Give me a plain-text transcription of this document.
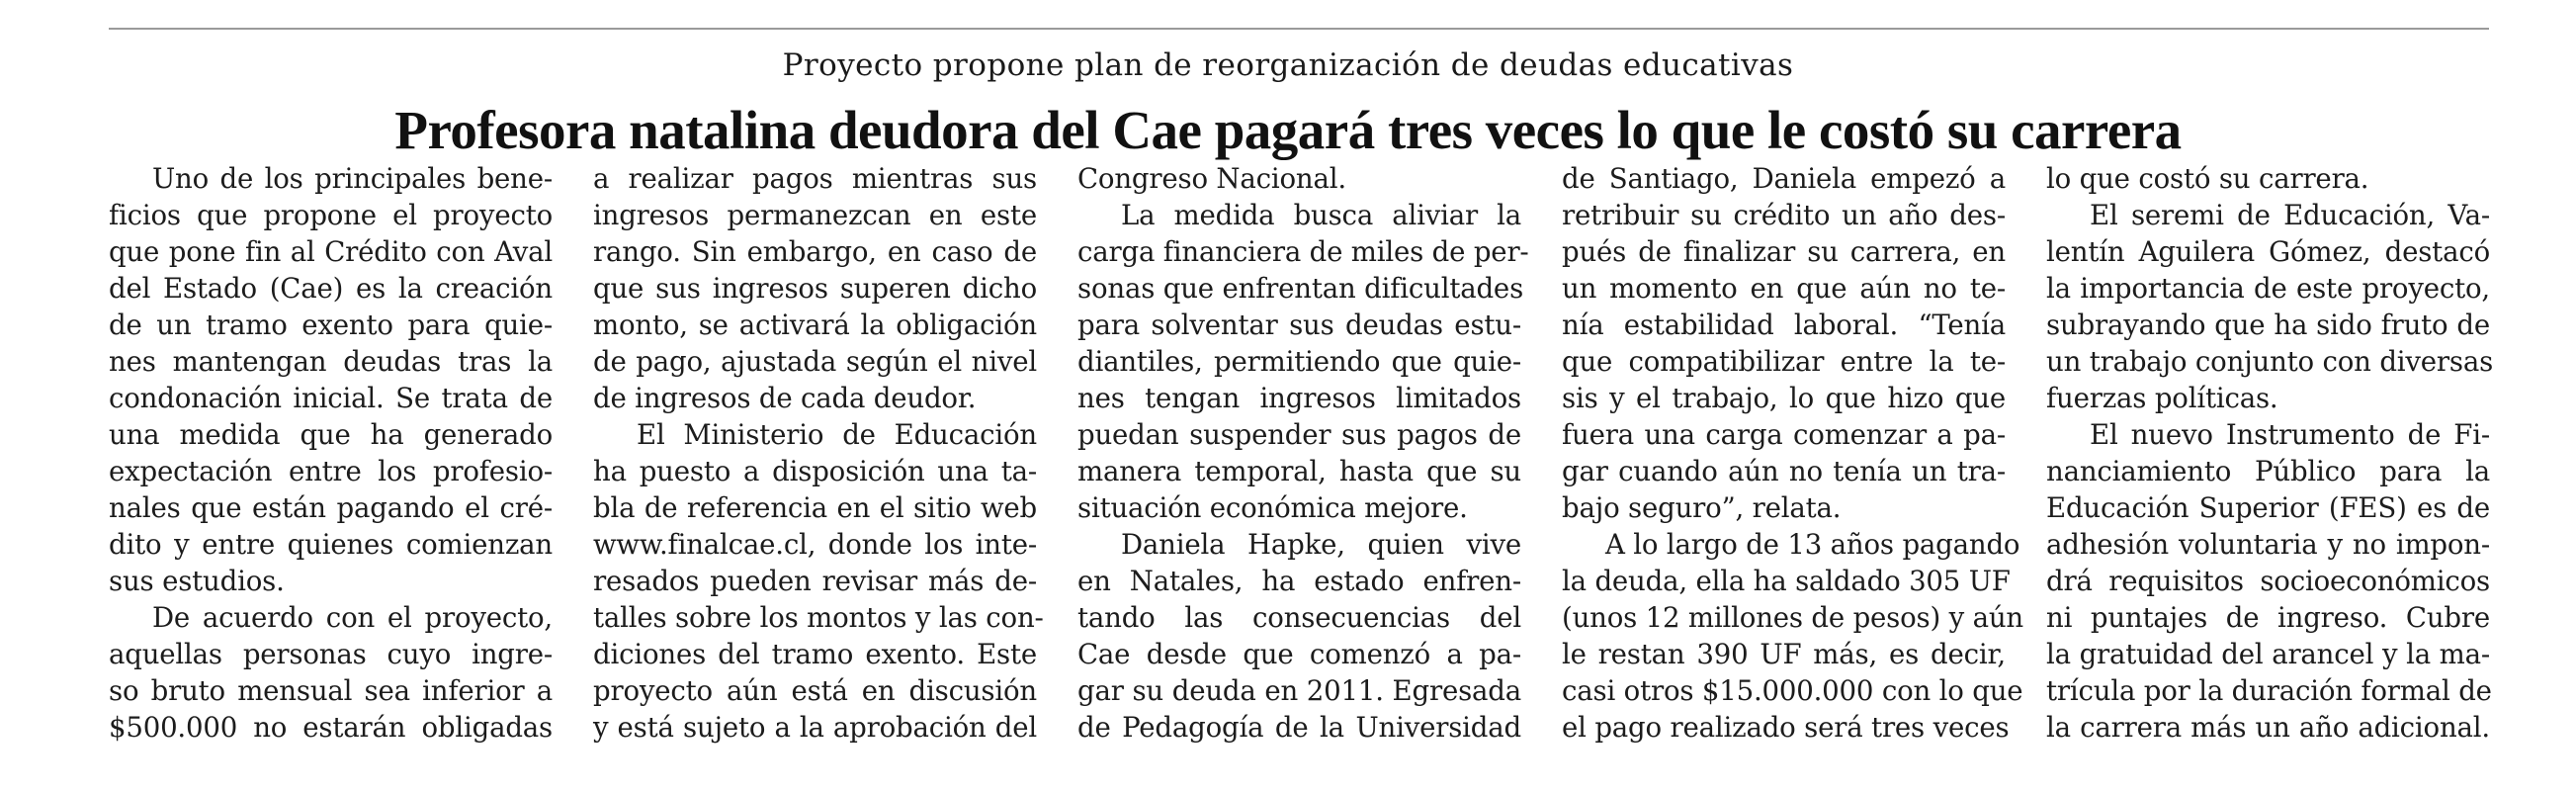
Proyecto propone plan de reorganización de deudas educativas
Profesora natalina deudora del Cae pagará tres veces lo que le costó su carrera
Uno de los principales bene-
ficios que propone el proyecto
que pone fin al Crédito con Aval
del Estado (Cae) es la creación
de un tramo exento para quie-
nes mantengan deudas tras la
condonación inicial. Se trata de
una medida que ha generado
expectación entre los profesio-
nales que están pagando el cré-
dito y entre quienes comienzan
sus estudios.
De acuerdo con el proyecto,
aquellas personas cuyo ingre-
so bruto mensual sea inferior a
$500.000 no estarán obligadas
a realizar pagos mientras sus
ingresos permanezcan en este
rango. Sin embargo, en caso de
que sus ingresos superen dicho
monto, se activará la obligación
de pago, ajustada según el nivel
de ingresos de cada deudor.
El Ministerio de Educación
ha puesto a disposición una ta-
bla de referencia en el sitio web
www.finalcae.cl, donde los inte-
resados pueden revisar más de-
talles sobre los montos y las con-
diciones del tramo exento. Este
proyecto aún está en discusión
y está sujeto a la aprobación del
Congreso Nacional.
La medida busca aliviar la
carga financiera de miles de per-
sonas que enfrentan dificultades
para solventar sus deudas estu-
diantiles, permitiendo que quie-
nes tengan ingresos limitados
puedan suspender sus pagos de
manera temporal, hasta que su
situación económica mejore.
Daniela Hapke, quien vive
en Natales, ha estado enfren-
tando las consecuencias del
Cae desde que comenzó a pa-
gar su deuda en 2011. Egresada
de Pedagogía de la Universidad
de Santiago, Daniela empezó a
retribuir su crédito un año des-
pués de finalizar su carrera, en
un momento en que aún no te-
nía estabilidad laboral. “Tenía
que compatibilizar entre la te-
sis y el trabajo, lo que hizo que
fuera una carga comenzar a pa-
gar cuando aún no tenía un tra-
bajo seguro”, relata.
A lo largo de 13 años pagando
la deuda, ella ha saldado 305 UF
(unos 12 millones de pesos) y aún
le restan 390 UF más, es decir,
casi otros $15.000.000 con lo que
el pago realizado será tres veces
lo que costó su carrera.
El seremi de Educación, Va-
lentín Aguilera Gómez, destacó
la importancia de este proyecto,
subrayando que ha sido fruto de
un trabajo conjunto con diversas
fuerzas políticas.
El nuevo Instrumento de Fi-
nanciamiento Público para la
Educación Superior (FES) es de
adhesión voluntaria y no impon-
drá requisitos socioeconómicos
ni puntajes de ingreso. Cubre
la gratuidad del arancel y la ma-
trícula por la duración formal de
la carrera más un año adicional.
